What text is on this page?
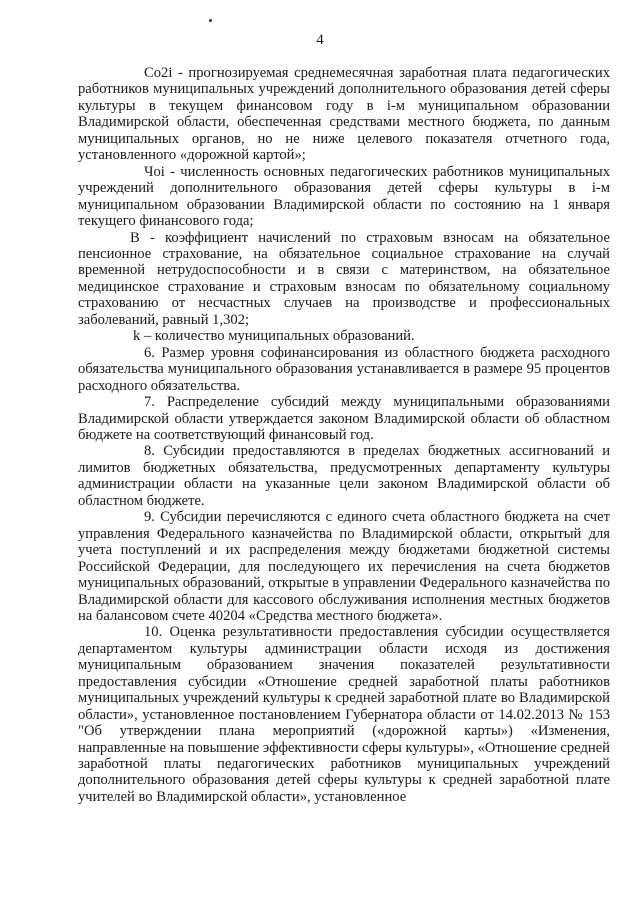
4

Co2i - прогнозируемая среднемесячная заработная плата педагогических работников муниципальных учреждений дополнительного образования детей сферы культуры в текущем финансовом году в i-м муниципальном образовании Владимирской области, обеспеченная средствами местного бюджета, по данным муниципальных органов, но не ниже целевого показателя отчетного года, установленного «дорожной картой»;

Чоi - численность основных педагогических работников муниципальных учреждений дополнительного образования детей сферы культуры в i-м муниципальном образовании Владимирской области по состоянию на 1 января текущего финансового года;

В - коэффициент начислений по страховым взносам на обязательное пенсионное страхование, на обязательное социальное страхование на случай временной нетрудоспособности и в связи с материнством, на обязательное медицинское страхование и страховым взносам по обязательному социальному страхованию от несчастных случаев на производстве и профессиональных заболеваний, равный 1,302;

k – количество муниципальных образований.

6. Размер уровня софинансирования из областного бюджета расходного обязательства муниципального образования устанавливается в размере 95 процентов расходного обязательства.

7. Распределение субсидий между муниципальными образованиями Владимирской области утверждается законом Владимирской области об областном бюджете на соответствующий финансовый год.

8. Субсидии предоставляются в пределах бюджетных ассигнований и лимитов бюджетных обязательства, предусмотренных департаменту культуры администрации области на указанные цели законом Владимирской области об областном бюджете.

9. Субсидии перечисляются с единого счета областного бюджета на счет управления Федерального казначейства по Владимирской области, открытый для учета поступлений и их распределения между бюджетами бюджетной системы Российской Федерации, для последующего их перечисления на счета бюджетов муниципальных образований, открытые в управлении Федерального казначейства по Владимирской области для кассового обслуживания исполнения местных бюджетов на балансовом счете 40204 «Средства местного бюджета».

10. Оценка результативности предоставления субсидии осуществляется департаментом культуры администрации области исходя из достижения муниципальным образованием значения показателей результативности предоставления субсидии «Отношение средней заработной платы работников муниципальных учреждений культуры к средней заработной плате во Владимирской области», установленное постановлением Губернатора области от 14.02.2013 № 153 "Об утверждении плана мероприятий («дорожной карты») «Изменения, направленные на повышение эффективности сферы культуры», «Отношение средней заработной платы педагогических работников муниципальных учреждений дополнительного образования детей сферы культуры к средней заработной плате учителей во Владимирской области», установленное
